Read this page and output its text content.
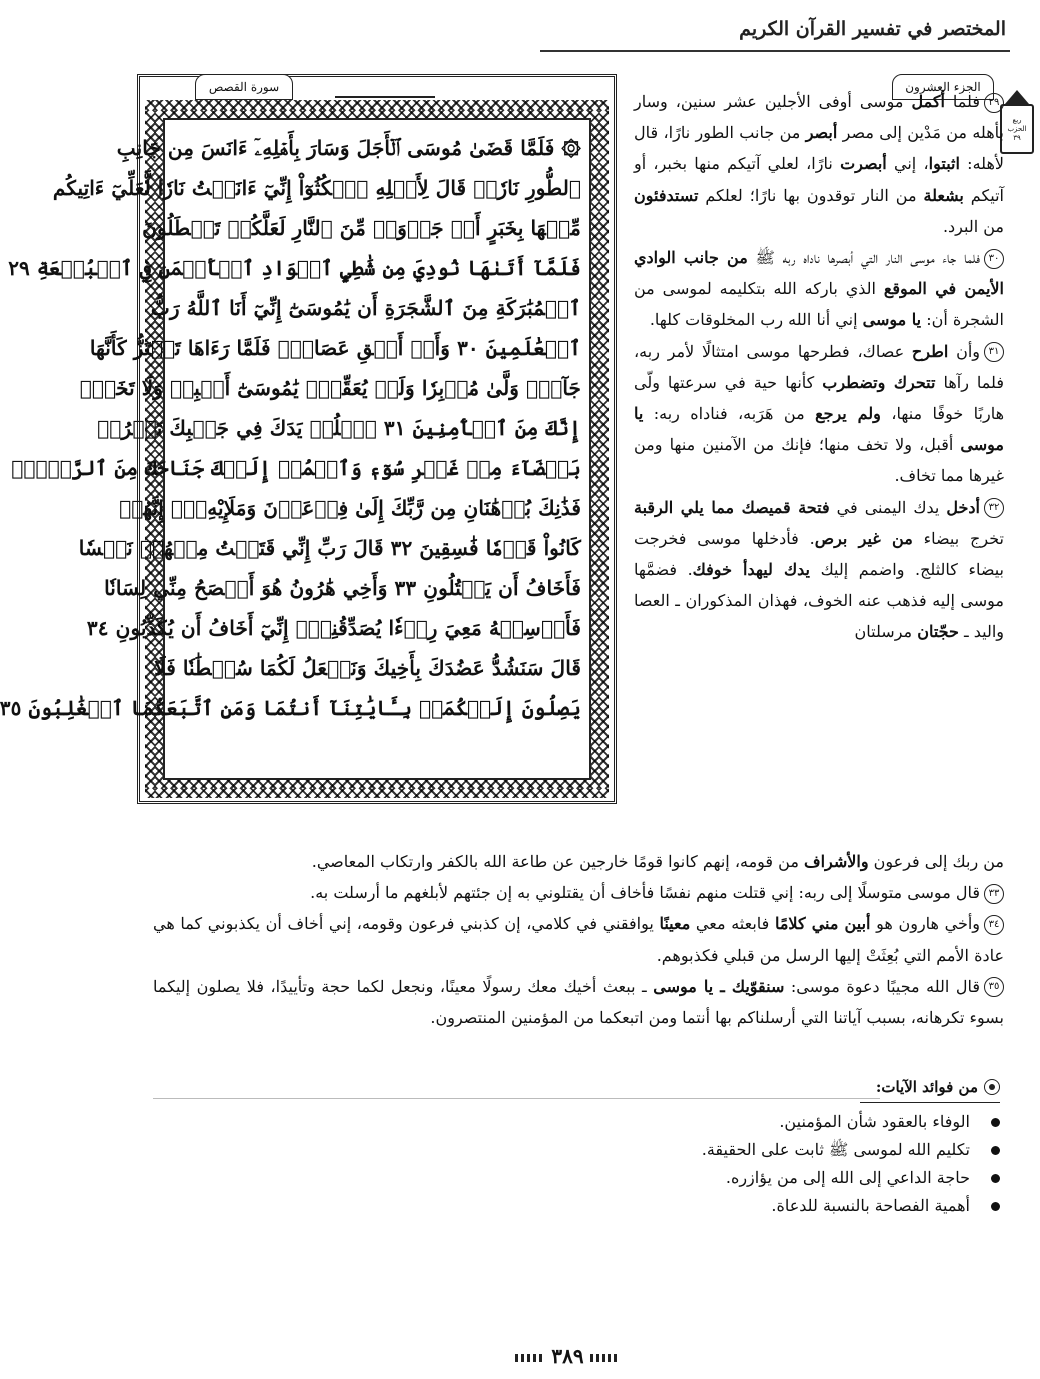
المختصر في تفسير القرآن الكريم
ربع
الحزب
٣٩
الجزء العشرون
سورة القصص
۞ فَلَمَّا قَضَىٰ مُوسَى ٱلۡأَجَلَ وَسَارَ بِأَهۡلِهِۦٓ ءَانَسَ مِن جَانِبِ
ٱلطُّورِ نَارٗاۖ قَالَ لِأَهۡلِهِ ٱمۡكُثُوٓاْ إِنِّيٓ ءَانَسۡتُ نَارٗا لَّعَلِّيٓ ءَاتِيكُم
مِّنۡهَا بِخَبَرٍ أَوۡ جَذۡوَةٖ مِّنَ ٱلنَّارِ لَعَلَّكُمۡ تَصۡطَلُونَ
فَلَمَّآ أَتَىٰهَا نُودِيَ مِن شَٰطِيِٕ ٱلۡوَادِ ٱلۡأَيۡمَنِ فِي ٱلۡبُقۡعَةِ ٢٩
ٱلۡمُبَٰرَكَةِ مِنَ ٱلشَّجَرَةِ أَن يَٰمُوسَىٰٓ إِنِّيٓ أَنَا ٱللَّهُ رَبُّ
ٱلۡعَٰلَمِينَ ٣٠ وَأَنۡ أَلۡقِ عَصَاكَۚ فَلَمَّا رَءَاهَا تَهۡتَزُّ كَأَنَّهَا
جَآنّٞ وَلَّىٰ مُدۡبِرٗا وَلَمۡ يُعَقِّبۡۚ يَٰمُوسَىٰٓ أَقۡبِلۡ وَلَا تَخَفۡۖ
إِنَّكَ مِنَ ٱلۡأٓمِنِينَ ٣١ ٱسۡلُكۡ يَدَكَ فِي جَيۡبِكَ تَخۡرُجۡ
بَيۡضَآءَ مِنۡ غَيۡرِ سُوٓءٖ وَٱضۡمُمۡ إِلَيۡكَ جَنَاحَكَ مِنَ ٱلرَّهۡبِۖ
فَذَٰنِكَ بُرۡهَٰنَانِ مِن رَّبِّكَ إِلَىٰ فِرۡعَوۡنَ وَمَلَإِيْهِۦٓۚ إِنَّهُمۡ
كَانُواْ قَوۡمٗا فَٰسِقِينَ ٣٢ قَالَ رَبِّ إِنِّي قَتَلۡتُ مِنۡهُمۡ نَفۡسٗا
فَأَخَافُ أَن يَقۡتُلُونِ ٣٣ وَأَخِي هَٰرُونُ هُوَ أَفۡصَحُ مِنِّي لِسَانٗا
فَأَرۡسِلۡهُ مَعِيَ رِدۡءٗا يُصَدِّقُنِيٓۖ إِنِّيٓ أَخَافُ أَن يُكَذِّبُونِ ٣٤
قَالَ سَنَشُدُّ عَضُدَكَ بِأَخِيكَ وَنَجۡعَلُ لَكُمَا سُلۡطَٰنٗا فَلَا
يَصِلُونَ إِلَيۡكُمَاۚ بِـَٔايَٰتِنَآ أَنتُمَا وَمَنِ ٱتَّبَعَكُمَا ٱلۡغَٰلِبُونَ ٣٥

٢٩فلما أكمل موسى أوفى الأجلين عشر سنين، وسار بأهله من مَدْين إلى مصر أبصر من جانب الطور نارًا، قال لأهله: اثبتوا، إني أبصرت نارًا، لعلي آتيكم منها بخبر، أو آتيكم بشعلة من النار توقدون بها نارًا؛ لعلكم تستدفئون من البرد.

٣٠فلما جاء موسى النار التي أبصرها ناداه ربه ﷺ من جانب الوادي الأيمن في الموقع الذي باركه الله بتكليمه لموسى من الشجرة أن: يا موسى إني أنا الله رب المخلوقات كلها.

٣١وأن اطرح عصاك، فطرحها موسى امتثالًا لأمر ربه، فلما رآها تتحرك وتضطرب كأنها حية في سرعتها ولّى هاربًا خوفًا منها، ولم يرجع من هَرَبه، فناداه ربه: يا موسى أقبل، ولا تخف منها؛ فإنك من الآمنين منها ومن غيرها مما تخاف.

٣٢أدخل يدك اليمنى في فتحة قميصك مما يلي الرقبة تخرج بيضاء من غير برص. فأدخلها موسى فخرجت بيضاء كالثلج. واضمم إليك يدك ليهدأ خوفك. فضمَّها موسى إليه فذهب عنه الخوف، فهذان المذكوران ـ العصا واليد ـ حجّتان مرسلتان

من ربك إلى فرعون والأشراف من قومه، إنهم كانوا قومًا خارجين عن طاعة الله بالكفر وارتكاب المعاصي.

٣٣قال موسى متوسلًا إلى ربه: إني قتلت منهم نفسًا فأخاف أن يقتلوني به إن جئتهم لأبلغهم ما أرسلت به.

٣٤وأخي هارون هو أبين مني كلامًا فابعثه معي معينًا يوافقني في كلامي، إن كذبني فرعون وقومه، إني أخاف أن يكذبوني كما هي عادة الأمم التي بُعِثَتْ إليها الرسل من قبلي فكذبوهم.

٣٥قال الله مجيبًا دعوة موسى: سنقوّيك ـ يا موسى ـ ببعث أخيك معك رسولًا معينًا، ونجعل لكما حجة وتأييدًا، فلا يصلون إليكما بسوء تكرهانه، بسبب آياتنا التي أرسلناكم بها أنتما ومن اتبعكما من المؤمنين المنتصرون.

من فوائد الآيات:
الوفاء بالعقود شأن المؤمنين.
تكليم الله لموسى ﷺ ثابت على الحقيقة.
حاجة الداعي إلى الله إلى من يؤازره.
أهمية الفصاحة بالنسبة للدعاة.
٣٨٩
